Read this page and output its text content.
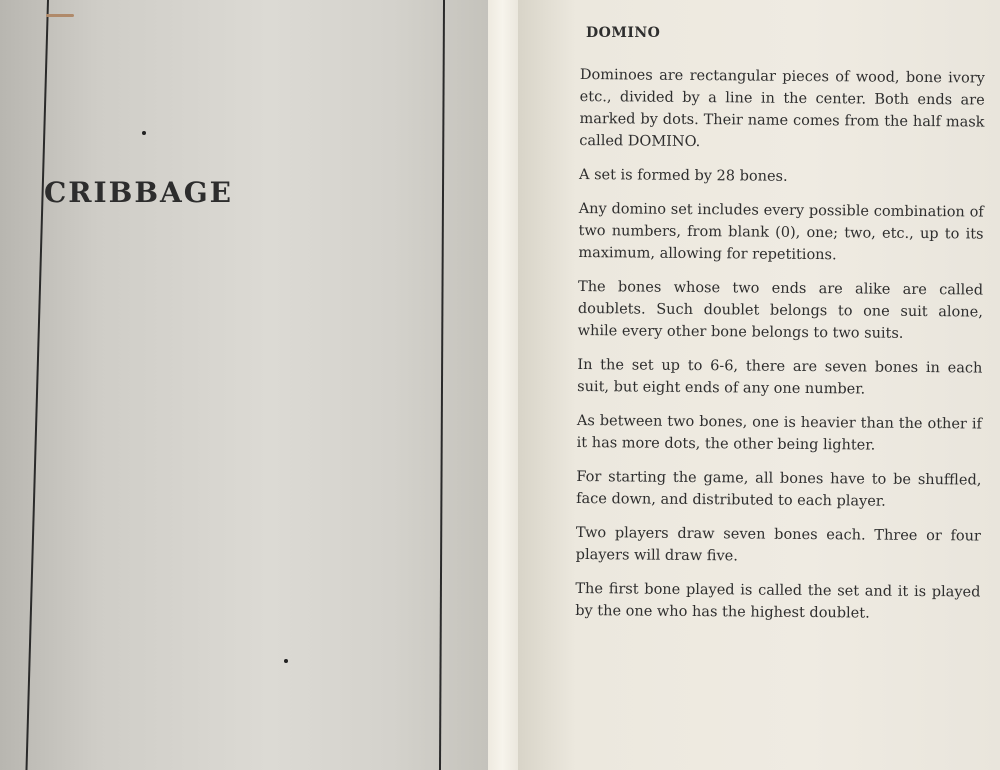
CRIBBAGE
DOMINO

Dominoes are rectangular pieces of wood, bone ivory etc., divided by a line in the center. Both ends are marked by dots. Their name comes from the half mask called DOMINO.

A set is formed by 28 bones.

Any domino set includes every possible combination of two numbers, from blank (0), one; two, etc., up to its maximum, allowing for repetitions.

The bones whose two ends are alike are called doublets. Such doublet belongs to one suit alone, while every other bone belongs to two suits.

In the set up to 6-6, there are seven bones in each suit, but eight ends of any one number.

As between two bones, one is heavier than the other if it has more dots, the other being lighter.

For starting the game, all bones have to be shuffled, face down, and distributed to each player.

Two players draw seven bones each. Three or four players will draw five.

The first bone played is called the set and it is played by the one who has the highest doublet.
